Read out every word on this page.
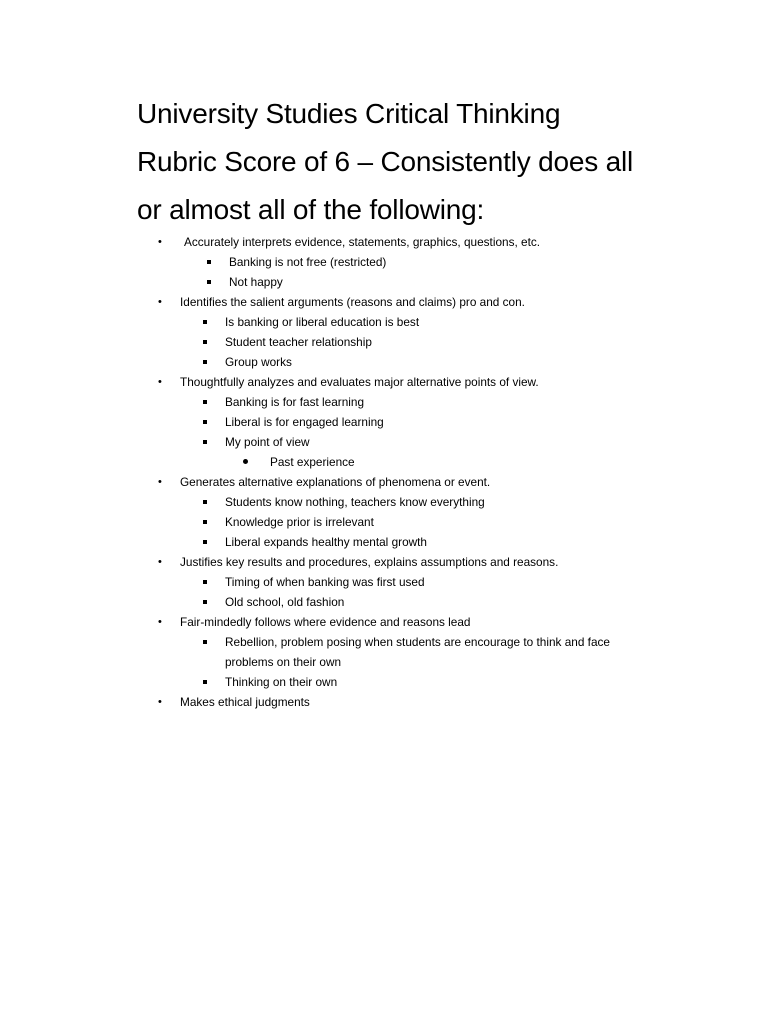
University Studies Critical Thinking
Rubric Score of 6 – Consistently does all
or almost all of the following:
• Accurately interprets evidence, statements, graphics, questions, etc.
Banking is not free (restricted)
Not happy
• Identifies the salient arguments (reasons and claims) pro and con.
Is banking or liberal education is best
Student teacher relationship
Group works
• Thoughtfully analyzes and evaluates major alternative points of view.
Banking is for fast learning
Liberal is for engaged learning
My point of view
Past experience
• Generates alternative explanations of phenomena or event.
Students know nothing, teachers know everything
Knowledge prior is irrelevant
Liberal expands healthy mental growth
• Justifies key results and procedures, explains assumptions and reasons.
Timing of when banking was first used
Old school, old fashion
• Fair-mindedly follows where evidence and reasons lead
Rebellion, problem posing when students are encourage to think and face problems on their own
Thinking on their own
• Makes ethical judgments
